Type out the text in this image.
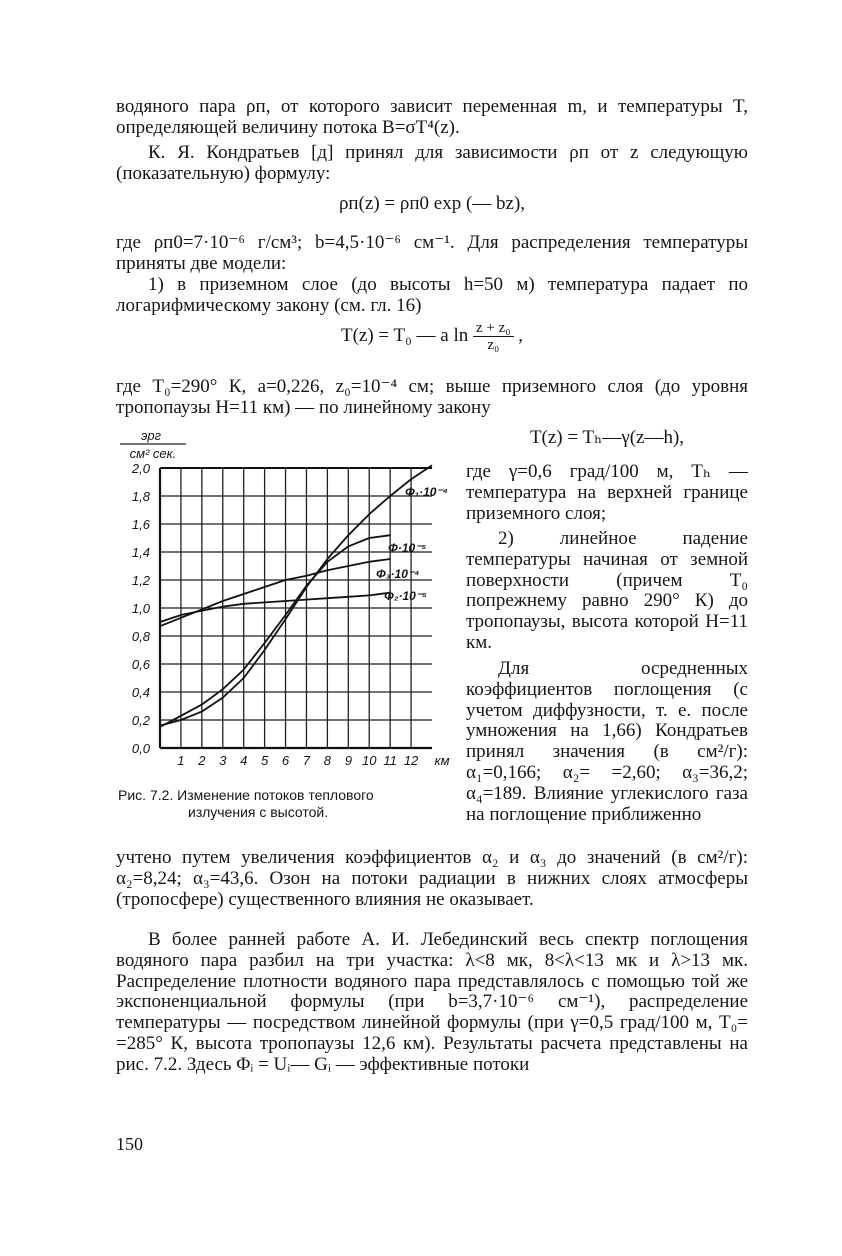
водяного пара ρп, от которого зависит переменная m, и температуры T, определяющей величину потока B=σT⁴(z).

К. Я. Кондратьев [д] принял для зависимости ρп от z следующую (показательную) формулу:

ρп(z) = ρп0 exp (— bz),

где ρп0=7·10⁻⁶ г/см³; b=4,5·10⁻⁶ см⁻¹. Для распределения температуры приняты две модели:

1) в приземном слое (до высоты h=50 м) температура падает по логарифмическому закону (см. гл. 16)

T(z) = T₀ — a $\ln \frac{\text{z + z₀}}{\text{z₀}}$ ,

где T₀=290° К, a=0,226, z₀=10⁻⁴ см; выше приземного слоя (до уровня тропопаузы H=11 км) — по линейному закону

T(z) = Tₕ—γ(z—h),

где γ=0,6 град/100 м, Tₕ — температура на верхней границе приземного слоя;

2) линейное падение температуры начиная от земной поверхности (причем T₀ попрежнему равно 290° К) до тропопаузы, высота которой H=11 км.

Для осредненных коэффициентов поглощения (с учетом диффузности, т. е. после умножения на 1,66) Кондратьев принял значения (в см²/г): α₁=0,166; α₂= =2,60; α₃=36,2; α₄=189. Влияние углекислого газа на поглощение приближенно

Рис. 7.2. Изменение потоков теплового
излучения с высотой.

учтено путем увеличения коэффициентов α₂ и α₃ до значений (в см²/г): α₂=8,24; α₃=43,6. Озон на потоки радиации в нижних слоях атмосферы (тропосфере) существенного влияния не оказывает.

В более ранней работе А. И. Лебединский весь спектр поглощения водяного пара разбил на три участка: λ<8 мк, 8<λ<13 мк и λ>13 мк. Распределение плотности водяного пара представлялось с помощью той же экспоненциальной формулы (при b=3,7·10⁻⁶ см⁻¹), распределение температуры — посредством линейной формулы (при γ=0,5 град/100 м, T₀= =285° К, высота тропопаузы 12,6 км). Результаты расчета представлены на рис. 7.2. Здесь Φᵢ = Uᵢ— Gᵢ — эффективные потоки

150
0,0
0,2
0,4
0,6
0,8
1,0
1,2
1,4
1,6
1,8
2,0
1 2 3 4 5 6 7 8 9 10 11 12 км
эрг
см² сек.
Φ₁·10⁻⁴
Φ·10⁻⁵
Φ₃·10⁻⁴
Φ₂·10⁻⁵
